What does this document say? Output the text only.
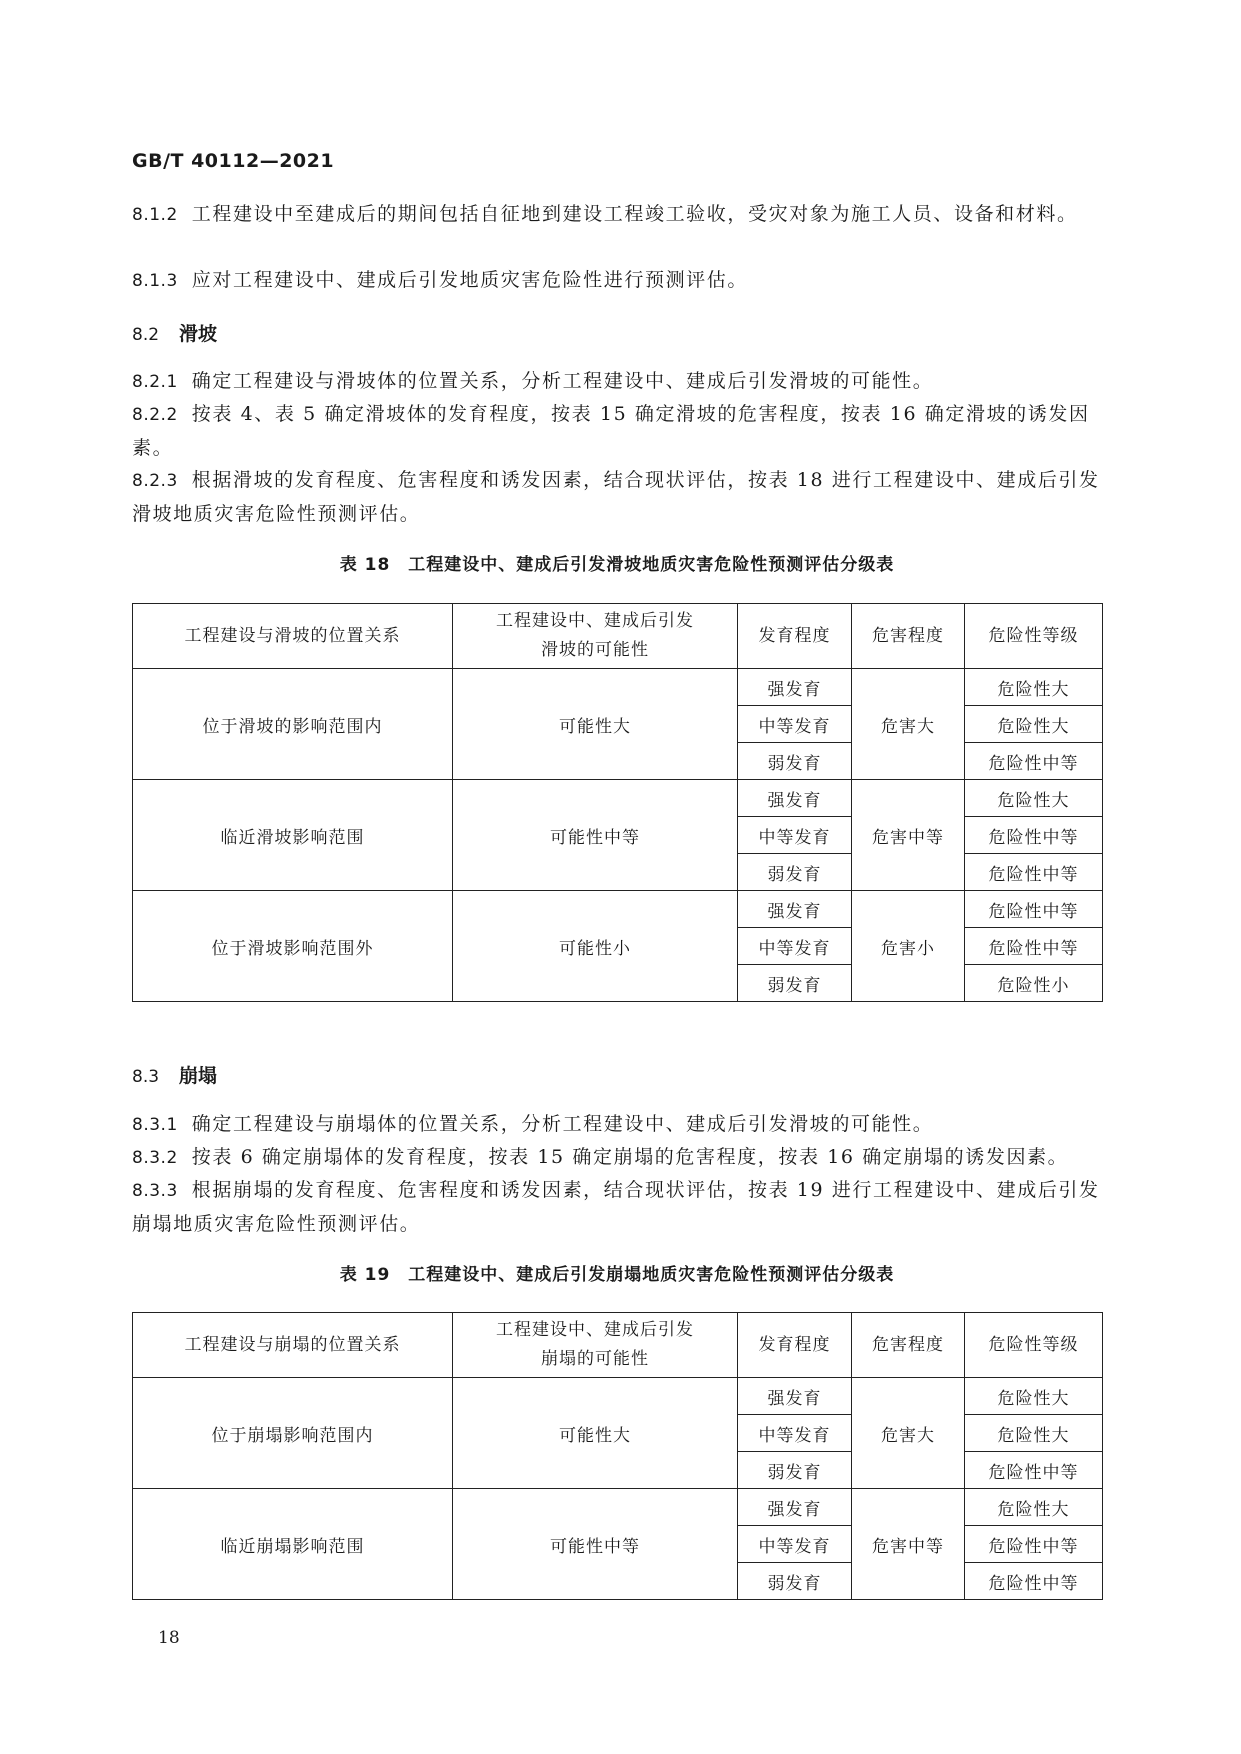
GB/T 40112—2021
8.1.2 工程建设中至建成后的期间包括自征地到建设工程竣工验收，受灾对象为施工人员、设备和材料。
8.1.3 应对工程建设中、建成后引发地质灾害危险性进行预测评估。
8.2 滑坡
8.2.1 确定工程建设与滑坡体的位置关系，分析工程建设中、建成后引发滑坡的可能性。
8.2.2 按表 4、表 5 确定滑坡体的发育程度，按表 15 确定滑坡的危害程度，按表 16 确定滑坡的诱发因素。
8.2.3 根据滑坡的发育程度、危害程度和诱发因素，结合现状评估，按表 18 进行工程建设中、建成后引发滑坡地质灾害危险性预测评估。
表 18 工程建设中、建成后引发滑坡地质灾害危险性预测评估分级表
工程建设与滑坡的位置关系	工程建设中、建成后引发
滑坡的可能性	发育程度	危害程度	危险性等级
位于滑坡的影响范围内	可能性大	强发育	危害大	危险性大
		中等发育		危险性大
		弱发育		危险性中等
临近滑坡影响范围	可能性中等	强发育	危害中等	危险性大
		中等发育		危险性中等
		弱发育		危险性中等
位于滑坡影响范围外	可能性小	强发育	危害小	危险性中等
		中等发育		危险性中等
		弱发育		危险性小
8.3 崩塌
8.3.1 确定工程建设与崩塌体的位置关系，分析工程建设中、建成后引发滑坡的可能性。
8.3.2 按表 6 确定崩塌体的发育程度，按表 15 确定崩塌的危害程度，按表 16 确定崩塌的诱发因素。
8.3.3 根据崩塌的发育程度、危害程度和诱发因素，结合现状评估，按表 19 进行工程建设中、建成后引发崩塌地质灾害危险性预测评估。
表 19 工程建设中、建成后引发崩塌地质灾害危险性预测评估分级表
工程建设与崩塌的位置关系	工程建设中、建成后引发
崩塌的可能性	发育程度	危害程度	危险性等级
位于崩塌影响范围内	可能性大	强发育	危害大	危险性大
		中等发育		危险性大
		弱发育		危险性中等
临近崩塌影响范围	可能性中等	强发育	危害中等	危险性大
		中等发育		危险性中等
		弱发育		危险性中等
18
